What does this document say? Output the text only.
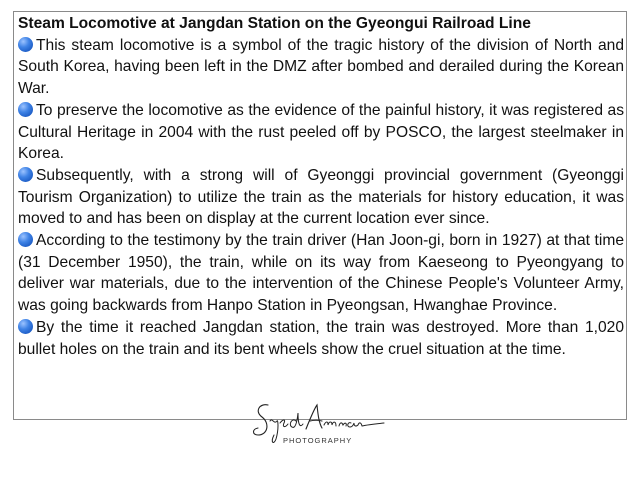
Steam Locomotive at Jangdan Station on the Gyeongui Railroad Line

This steam locomotive is a symbol of the tragic history of the division of North and South Korea, having been left in the DMZ after bombed and derailed during the Korean War.

To preserve the locomotive as the evidence of the painful history, it was registered as Cultural Heritage in 2004 with the rust peeled off by POSCO, the largest steelmaker in Korea.

Subsequently, with a strong will of Gyeonggi provincial government (Gyeonggi Tourism Organization) to utilize the train as the materials for history education, it was moved to and has been on display at the current location ever since.

According to the testimony by the train driver (Han Joon-gi, born in 1927) at that time (31 December 1950), the train, while on its way from Kaeseong to Pyeongyang to deliver war materials, due to the intervention of the Chinese People's Volunteer Army, was going backwards from Hanpo Station in Pyeongsan, Hwanghae Province.

By the time it reached Jangdan station, the train was destroyed. More than 1,020 bullet holes on the train and its bent wheels show the cruel situation at the time.

PHOTOGRAPHY
